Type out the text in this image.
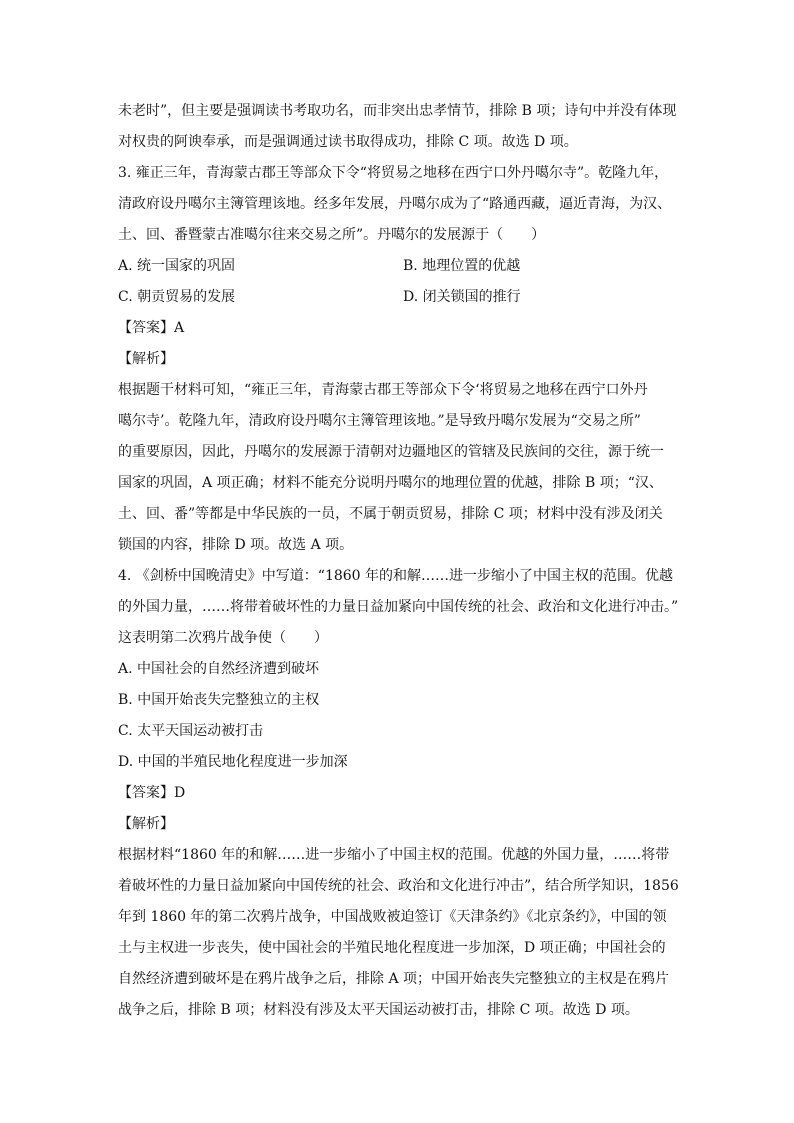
未老时”，但主要是强调读书考取功名，而非突出忠孝情节，排除 B 项；诗句中并没有体现
对权贵的阿谀奉承，而是强调通过读书取得成功，排除 C 项。故选 D 项。
3. 雍正三年，青海蒙古郡王等部众下令“将贸易之地移在西宁口外丹噶尔寺”。乾隆九年，
清政府设丹噶尔主簿管理该地。经多年发展，丹噶尔成为了“路通西藏，逼近青海，为汉、
土、回、番暨蒙古准噶尔往来交易之所”。丹噶尔的发展源于（　　）
A. 统一国家的巩固	B. 地理位置的优越
C. 朝贡贸易的发展	D. 闭关锁国的推行
【答案】A
【解析】
根据题干材料可知，“雍正三年，青海蒙古郡王等部众下令‘将贸易之地移在西宁口外丹
噶尔寺’。乾隆九年，清政府设丹噶尔主簿管理该地。”是导致丹噶尔发展为“交易之所”
的重要原因，因此，丹噶尔的发展源于清朝对边疆地区的管辖及民族间的交往，源于统一
国家的巩固，A 项正确；材料不能充分说明丹噶尔的地理位置的优越，排除 B 项；“汉、
土、回、番”等都是中华民族的一员，不属于朝贡贸易，排除 C 项；材料中没有涉及闭关
锁国的内容，排除 D 项。故选 A 项。
4. 《剑桥中国晚清史》中写道：“1860 年的和解……进一步缩小了中国主权的范围。优越
的外国力量，……将带着破坏性的力量日益加紧向中国传统的社会、政治和文化进行冲击。”
这表明第二次鸦片战争使（　　）
A. 中国社会的自然经济遭到破坏
B. 中国开始丧失完整独立的主权
C. 太平天国运动被打击
D. 中国的半殖民地化程度进一步加深
【答案】D
【解析】
根据材料“1860 年的和解……进一步缩小了中国主权的范围。优越的外国力量，……将带
着破坏性的力量日益加紧向中国传统的社会、政治和文化进行冲击”，结合所学知识，1856
年到 1860 年的第二次鸦片战争，中国战败被迫签订《天津条约》《北京条约》，中国的领
土与主权进一步丧失，使中国社会的半殖民地化程度进一步加深，D 项正确；中国社会的
自然经济遭到破坏是在鸦片战争之后，排除 A 项；中国开始丧失完整独立的主权是在鸦片
战争之后，排除 B 项；材料没有涉及太平天国运动被打击，排除 C 项。故选 D 项。
